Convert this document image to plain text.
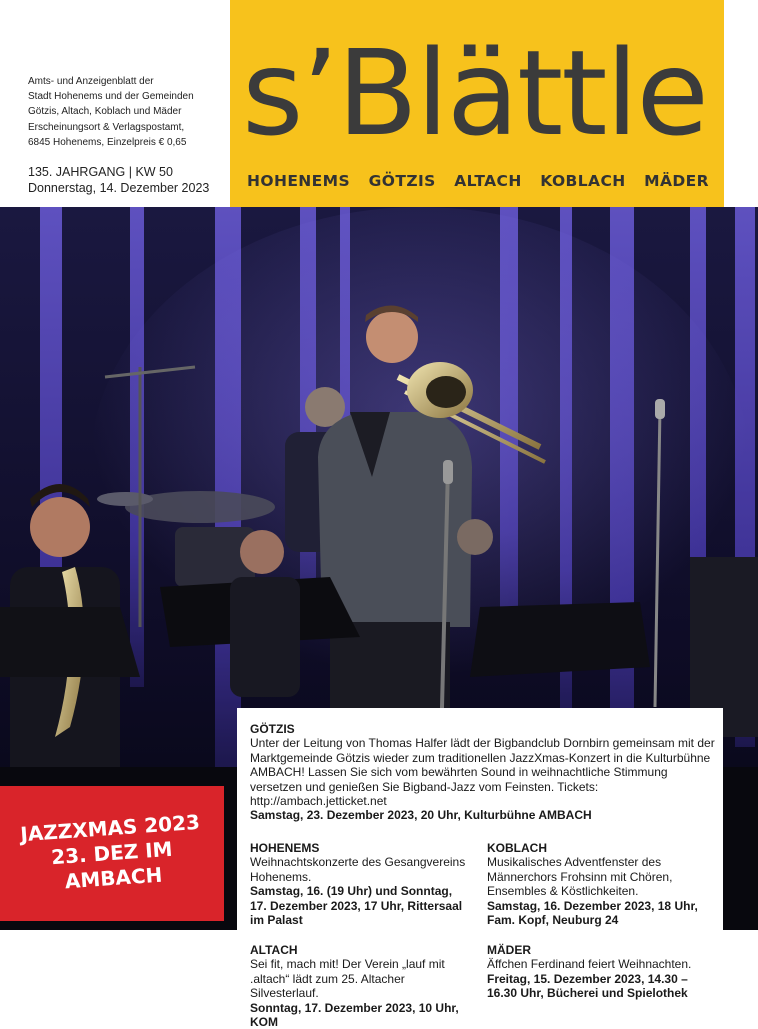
Amts- und Anzeigenblatt der
Stadt Hohenems und der Gemeinden
Götzis, Altach, Koblach und Mäder
Erscheinungsort & Verlagspostamt,
6845 Hohenems, Einzelpreis € 0,65
135. JAHRGANG | KW 50
Donnerstag, 14. Dezember 2023
s’Blättle
HOHENEMS GÖTZIS ALTACH KOBLACH MÄDER
GÖTZIS
Unter der Leitung von Thomas Halfer lädt der Bigbandclub Dornbirn gemeinsam mit der Marktgemeinde Götzis wieder zum traditionellen JazzXmas-Konzert in die Kulturbühne AMBACH! Lassen Sie sich vom bewährten Sound in weihnachtliche Stimmung versetzen und genießen Sie Bigband-Jazz vom Feinsten. Tickets: http://ambach.jetticket.net
Samstag, 23. Dezember 2023, 20 Uhr, Kulturbühne AMBACH
HOHENEMS
Weihnachtskonzerte des Gesangvereins Hohenems.
Samstag, 16. (19 Uhr) und Sonntag, 17. Dezember 2023, 17 Uhr, Rittersaal im Palast
KOBLACH
Musikalisches Adventfenster des Männerchors Frohsinn mit Chören, Ensembles & Köstlichkeiten.
Samstag, 16. Dezember 2023, 18 Uhr, Fam. Kopf, Neuburg 24
ALTACH
Sei fit, mach mit! Der Verein „lauf mit .altach“ lädt zum 25. Altacher Silvesterlauf.
Sonntag, 17. Dezember 2023, 10 Uhr, KOM
MÄDER
Äffchen Ferdinand feiert Weihnachten.
Freitag, 15. Dezember 2023, 14.30 – 16.30 Uhr, Bücherei und Spielothek
JAZZXMAS 2023
23. DEZ IM
AMBACH
